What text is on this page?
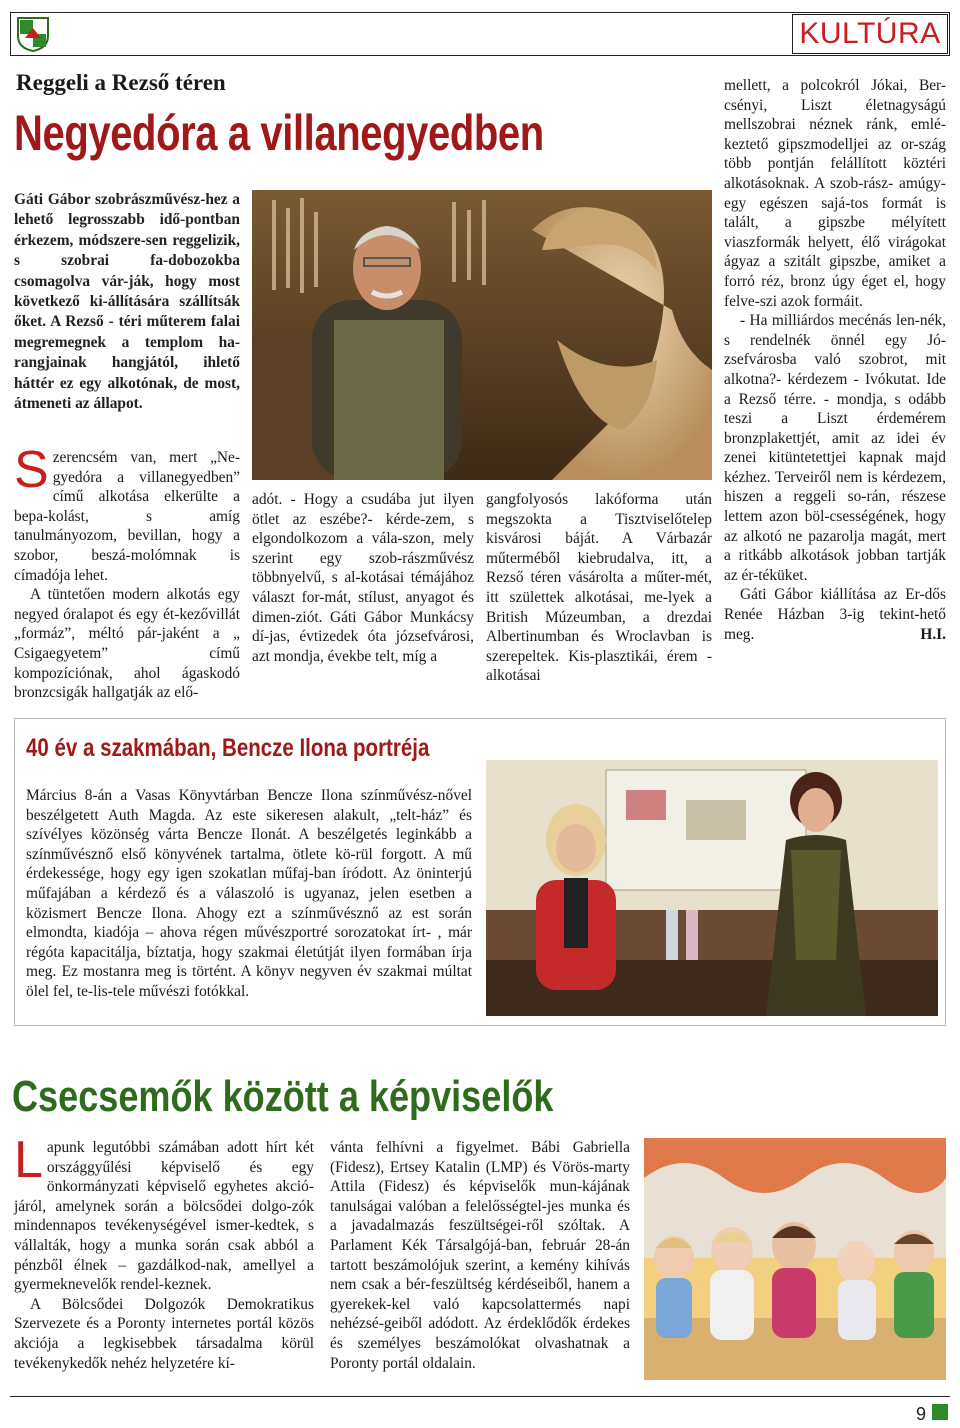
KULTÚRA
Reggeli a Rezső téren
Negyedóra a villanegyedben
Gáti Gábor szobrászművész-hez a lehető legrosszabb idő-pontban érkezem, módszere-sen reggelizik, s szobrai fa-dobozokba csomagolva vár-ják, hogy most következő ki-állítására szállítsák őket. A Rezső - téri műterem falai megremegnek a templom ha-rangjainak hangjától, ihlető háttér ez egy alkotónak, de most, átmeneti az állapot.

Szerencsém van, mert „Ne-gyedóra a villanegyedben” című alkotása elkerülte a bepa-kolást, s amíg tanulmányozom, bevillan, hogy a szobor, beszá-molómnak is címadója lehet.

A tüntetően modern alkotás egy negyed óralapot és egy ét-kezővillát „formáz”, méltó pár-jaként a „ Csigaegyetem” című kompozíciónak, ahol ágaskodó bronzcsigák hallgatják az elő-

adót. - Hogy a csudába jut ilyen ötlet az eszébe?- kérde-zem, s elgondolkozom a vála-szon, mely szerint egy szob-rászművész többnyelvű, s al-kotásai témájához választ for-mát, stílust, anyagot és dimen-ziót. Gáti Gábor Munkácsy dí-jas, évtizedek óta józsefvárosi, azt mondja, évekbe telt, míg a

gangfolyosós lakóforma után megszokta a Tisztviselőtelep kisvárosi báját. A Várbazár műterméből kiebrudalva, itt, a Rezső téren vásárolta a műter-mét, itt születtek alkotásai, me-lyek a British Múzeumban, a drezdai Albertinumban és Wroclavban is szerepeltek. Kis-plasztikái, érem - alkotásai

mellett, a polcokról Jókai, Ber-csényi, Liszt életnagyságú mellszobrai néznek ránk, emlé-keztető gipszmodelljei az or-szág több pontján felállított köztéri alkotásoknak. A szob-rász- amúgy- egy egészen sajá-tos formát is talált, a gipszbe mélyített viaszformák helyett, élő virágokat ágyaz a szitált gipszbe, amiket a forró réz, bronz úgy éget el, hogy felve-szi azok formáit.

- Ha milliárdos mecénás len-nék, s rendelnék önnél egy Jó-zsefvárosba való szobrot, mit alkotna?- kérdezem - Ivókutat. Ide a Rezső térre. - mondja, s odább teszi a Liszt érdemérem bronzplakettjét, amit az idei év zenei kitüntetettjei kapnak majd kézhez. Terveiről nem is kérdezem, hiszen a reggeli so-rán, részese lettem azon böl-csességének, hogy az alkotó ne pazarolja magát, mert a ritkább alkotások jobban tartják az ér-téküket.

Gáti Gábor kiállítása az Er-dős Renée Házban 3-ig tekint-hető meg.	H.I.

40 év a szakmában, Bencze Ilona portréja

Március 8-án a Vasas Könyvtárban Bencze Ilona színművész-nővel beszélgetett Auth Magda. Az este sikeresen alakult, „telt-ház” és szívélyes közönség várta Bencze Ilonát. A beszélgetés leginkább a színművésznő első könyvének tartalma, ötlete kö-rül forgott. A mű érdekessége, hogy egy igen szokatlan műfaj-ban íródott. Az öninterjú műfajában a kérdező és a válaszoló is ugyanaz, jelen esetben a közismert Bencze Ilona. Ahogy ezt a színművésznő az est során elmondta, kiadója – ahova régen művészportré sorozatokat írt- , már régóta kapacitálja, bíztatja, hogy szakmai életútját ilyen formában írja meg. Ez mostanra meg is történt. A könyv negyven év szakmai múltat ölel fel, te-lis-tele művészi fotókkal.

Csecsemők között a képviselők

Lapunk legutóbbi számában adott hírt két országgyűlési képviselő és egy önkormányzati képviselő egyhetes akció-járól, amelynek során a bölcsődei dolgo-zók mindennapos tevékenységével ismer-kedtek, s vállalták, hogy a munka során csak abból a pénzből élnek – gazdálkod-nak, amellyel a gyermeknevelők rendel-keznek.

A Bölcsődei Dolgozók Demokratikus Szervezete és a Poronty internetes portál közös akciója a legkisebbek társadalma körül tevékenykedők nehéz helyzetére kí-

vánta felhívni a figyelmet. Bábi Gabriella (Fidesz), Ertsey Katalin (LMP) és Vörös-marty Attila (Fidesz) és képviselők mun-kájának tanulságai valóban a felelősségtel-jes munka és a javadalmazás feszültségei-ről szóltak. A Parlament Kék Társalgójá-ban, február 28-án tartott beszámolójuk szerint, a kemény kihívás nem csak a bér-feszültség kérdéseiből, hanem a gyerekek-kel való kapcsolattermés napi nehézsé-geiből adódott. Az érdeklődők érdekes és személyes beszámolókat olvashatnak a Poronty portál oldalain.

9
